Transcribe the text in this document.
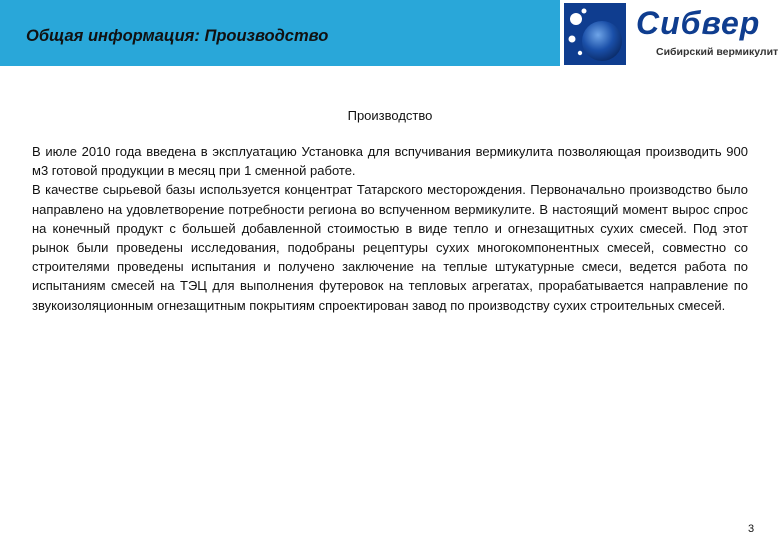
Общая информация: Производство	Сибвер
Сибирский вермикулит
Производство

В июле 2010 года введена в эксплуатацию Установка для вспучивания вермикулита позволяющая производить 900 м3 готовой продукции в месяц при 1 сменной работе.

В качестве сырьевой базы используется концентрат Татарского месторождения. Первоначально производство было направлено на удовлетворение потребности региона во вспученном вермикулите. В настоящий момент вырос спрос на конечный продукт с большей добавленной стоимостью в виде тепло и огнезащитных сухих смесей. Под этот рынок были проведены исследования, подобраны рецептуры сухих многокомпонентных смесей, совместно со строителями проведены испытания и получено заключение на теплые штукатурные смеси, ведется работа по испытаниям смесей на ТЭЦ для выполнения футеровок на тепловых агрегатах, прорабатывается направление по звукоизоляционным огнезащитным покрытиям спроектирован завод по производству сухих строительных смесей.

3
